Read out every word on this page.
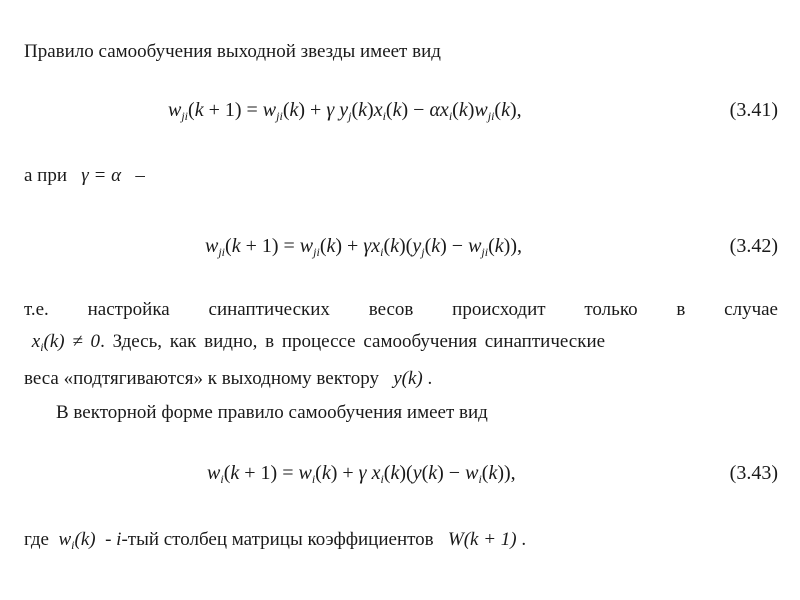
Правило самообучения выходной звезды имеет вид
$w_{ji}(k + 1) = w_{ji}(k) + \gamma$ $y_j(k)x_i(k) - \alpha x_i(k)w_{ji}(k)$,	(3.41)
а при γ = α –
$w_{ji}(k + 1) = w_{ji}(k) + \gamma x_i(k)(y_j(k) - w_{ji}(k))$,	(3.42)
т.е. настройка синаптических весов происходит только в случае
$x_i(k) \ne 0$. Здесь, как видно, в процессе самообучения синаптические
веса «подтягиваются» к выходному вектору y(k) .
В векторной форме правило самообучения имеет вид
$w_i(k + 1) = w_i(k) + \gamma$ $x_i(k)(y(k) - w_i(k))$,	(3.43)
где $w_i(k) - i-тый$ столбец матрицы коэффициентов W(k + 1) .
